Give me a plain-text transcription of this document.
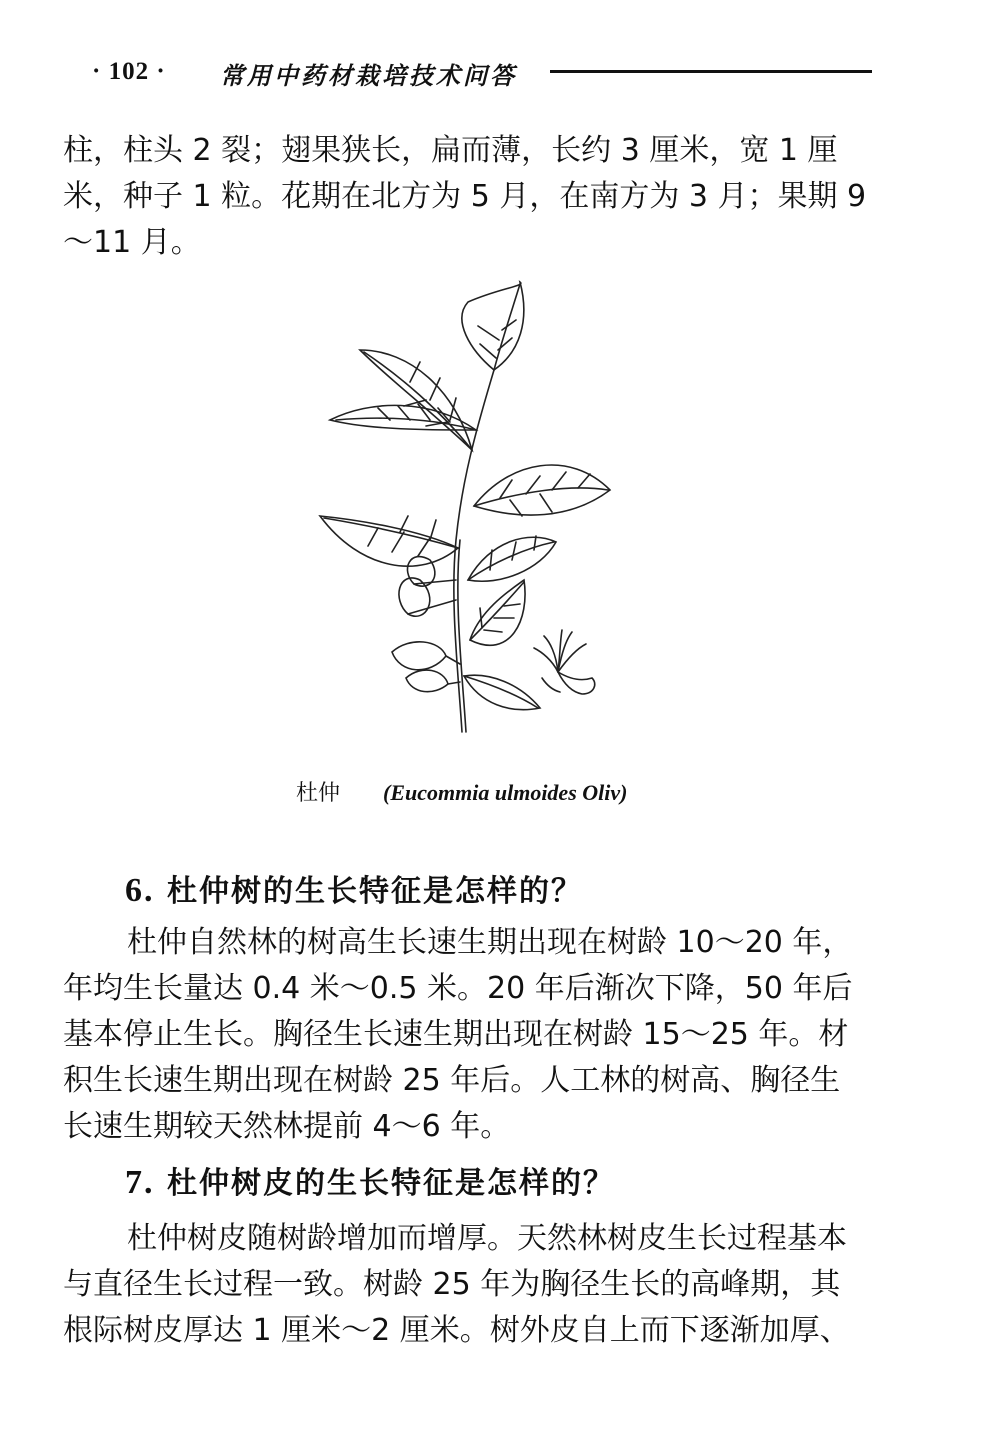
· 102 · 常用中药材栽培技术问答
柱，柱头 2 裂；翅果狭长，扁而薄，长约 3 厘米，宽 1 厘
米，种子 1 粒。花期在北方为 5 月，在南方为 3 月；果期 9
～11 月。
杜仲 (Eucommia ulmoides Oliv)
6. 杜仲树的生长特征是怎样的？
杜仲自然林的树高生长速生期出现在树龄 10～20 年，
年均生长量达 0.4 米～0.5 米。20 年后渐次下降，50 年后
基本停止生长。胸径生长速生期出现在树龄 15～25 年。材
积生长速生期出现在树龄 25 年后。人工林的树高、胸径生
长速生期较天然林提前 4～6 年。
7. 杜仲树皮的生长特征是怎样的？
杜仲树皮随树龄增加而增厚。天然林树皮生长过程基本
与直径生长过程一致。树龄 25 年为胸径生长的高峰期，其
根际树皮厚达 1 厘米～2 厘米。树外皮自上而下逐渐加厚、
